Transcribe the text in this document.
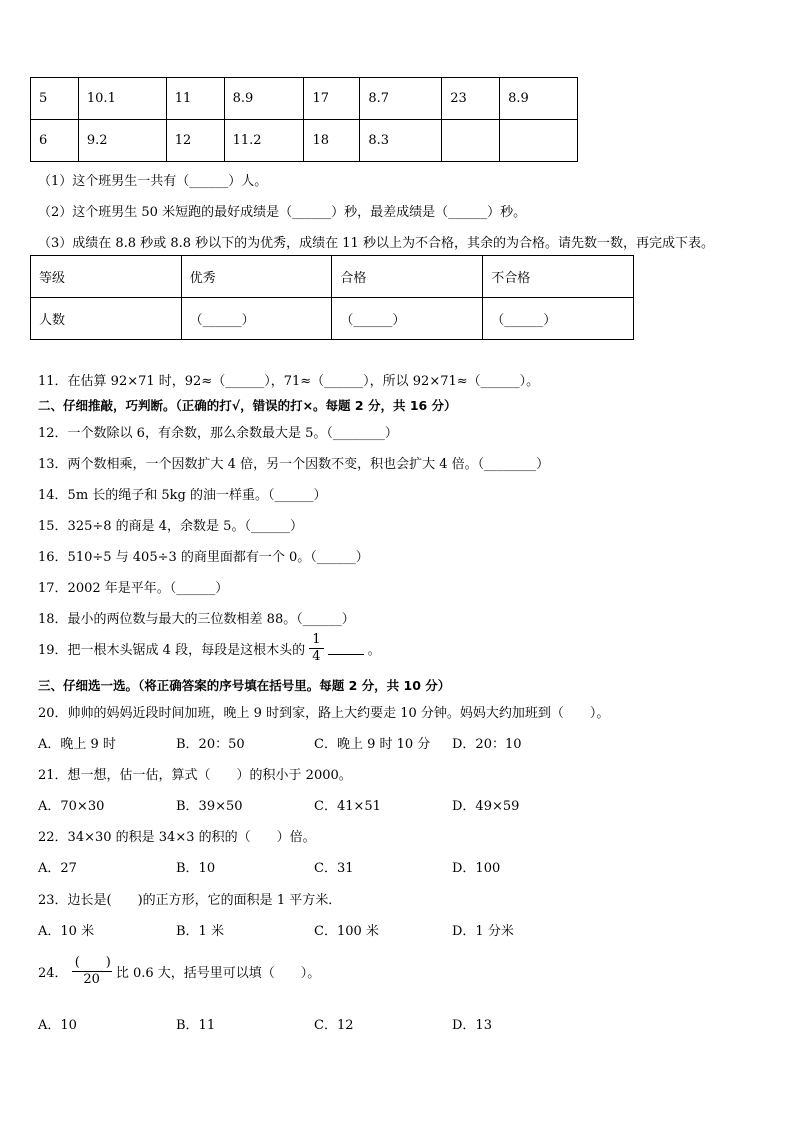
5	10.1	11	8.9	17	8.7	23	8.9
6	9.2	12	11.2	18	8.3		
（1）这个班男生一共有（______）人。
（2）这个班男生 50 米短跑的最好成绩是（______）秒，最差成绩是（______）秒。
（3）成绩在 8.8 秒或 8.8 秒以下的为优秀，成绩在 11 秒以上为不合格，其余的为合格。请先数一数，再完成下表。
等级	优秀	合格	不合格
人数	（______）	（______）	（______）
11．在估算 92×71 时，92≈（______），71≈（______），所以 92×71≈（______）。
二、仔细推敲，巧判断。（正确的打√，错误的打×。每题 2 分，共 16 分）
12．一个数除以 6，有余数，那么余数最大是 5。（________）
13．两个数相乘，一个因数扩大 4 倍，另一个因数不变，积也会扩大 4 倍。（________）
14．5m 长的绳子和 5kg 的油一样重。（______）
15．325÷8 的商是 4，余数是 5。（______）
16．510÷5 与 405÷3 的商里面都有一个 0。（______）
17．2002 年是平年。（______）
18．最小的两位数与最大的三位数相差 88。（______）
19．把一根木头锯成 4 段，每段是这根木头的 $\frac{1}{4}$	。
三、仔细选一选。（将正确答案的序号填在括号里。每题 2 分，共 10 分）
20．帅帅的妈妈近段时间加班，晚上 9 时到家，路上大约要走 10 分钟。妈妈大约加班到（　　）。
A．晚上 9 时	B．20：50	C．晚上 9 时 10 分 D．20：10
21．想一想，估一估，算式（　　）的积小于 2000。
A．70×30	B．39×50	C．41×51	D．49×59
22．34×30 的积是 34×3 的积的（　　）倍。
A．27	B．10	C．31	D．100
23．边长是(　　)的正方形，它的面积是 1 平方米．
A．10 米	B．1 米	C．100 米	D．1 分米
24． $\frac{( )}{20}$ 比 0.6 大，括号里可以填（　　）。
A．10	B．11	C．12	D．13
